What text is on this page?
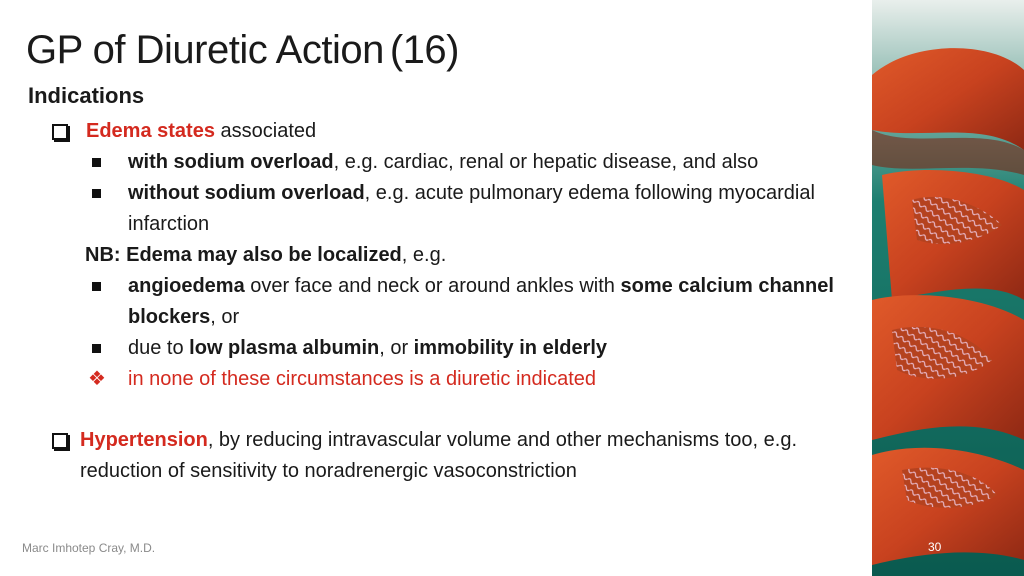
GP of Diuretic Action (16)
Indications
Edema states associated
with sodium overload, e.g. cardiac, renal or hepatic disease, and also
without sodium overload, e.g. acute pulmonary edema following myocardial infarction
NB: Edema may also be localized, e.g.
angioedema over face and neck or around ankles with some calcium channel blockers, or
due to low plasma albumin, or immobility in elderly
❖ in none of these circumstances is a diuretic indicated
Hypertension, by reducing intravascular volume and other mechanisms too, e.g. reduction of sensitivity to noradrenergic vasoconstriction
Marc Imhotep Cray, M.D.	30
